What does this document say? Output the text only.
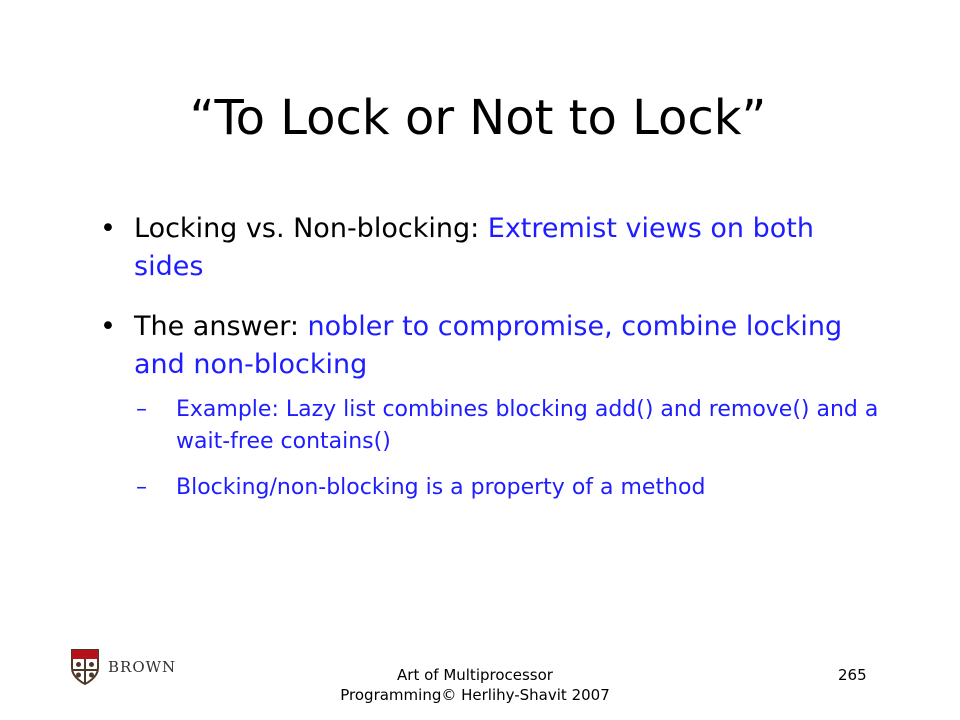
“To Lock or Not to Lock”
• Locking vs. Non-blocking: Extremist views on both sides
• The answer: nobler to compromise, combine locking and non-blocking
– Example: Lazy list combines blocking add() and remove() and a wait-free contains()
– Blocking/non-blocking is a property of a method
BROWN	Art of Multiprocessor Programming© Herlihy-Shavit 2007
265
